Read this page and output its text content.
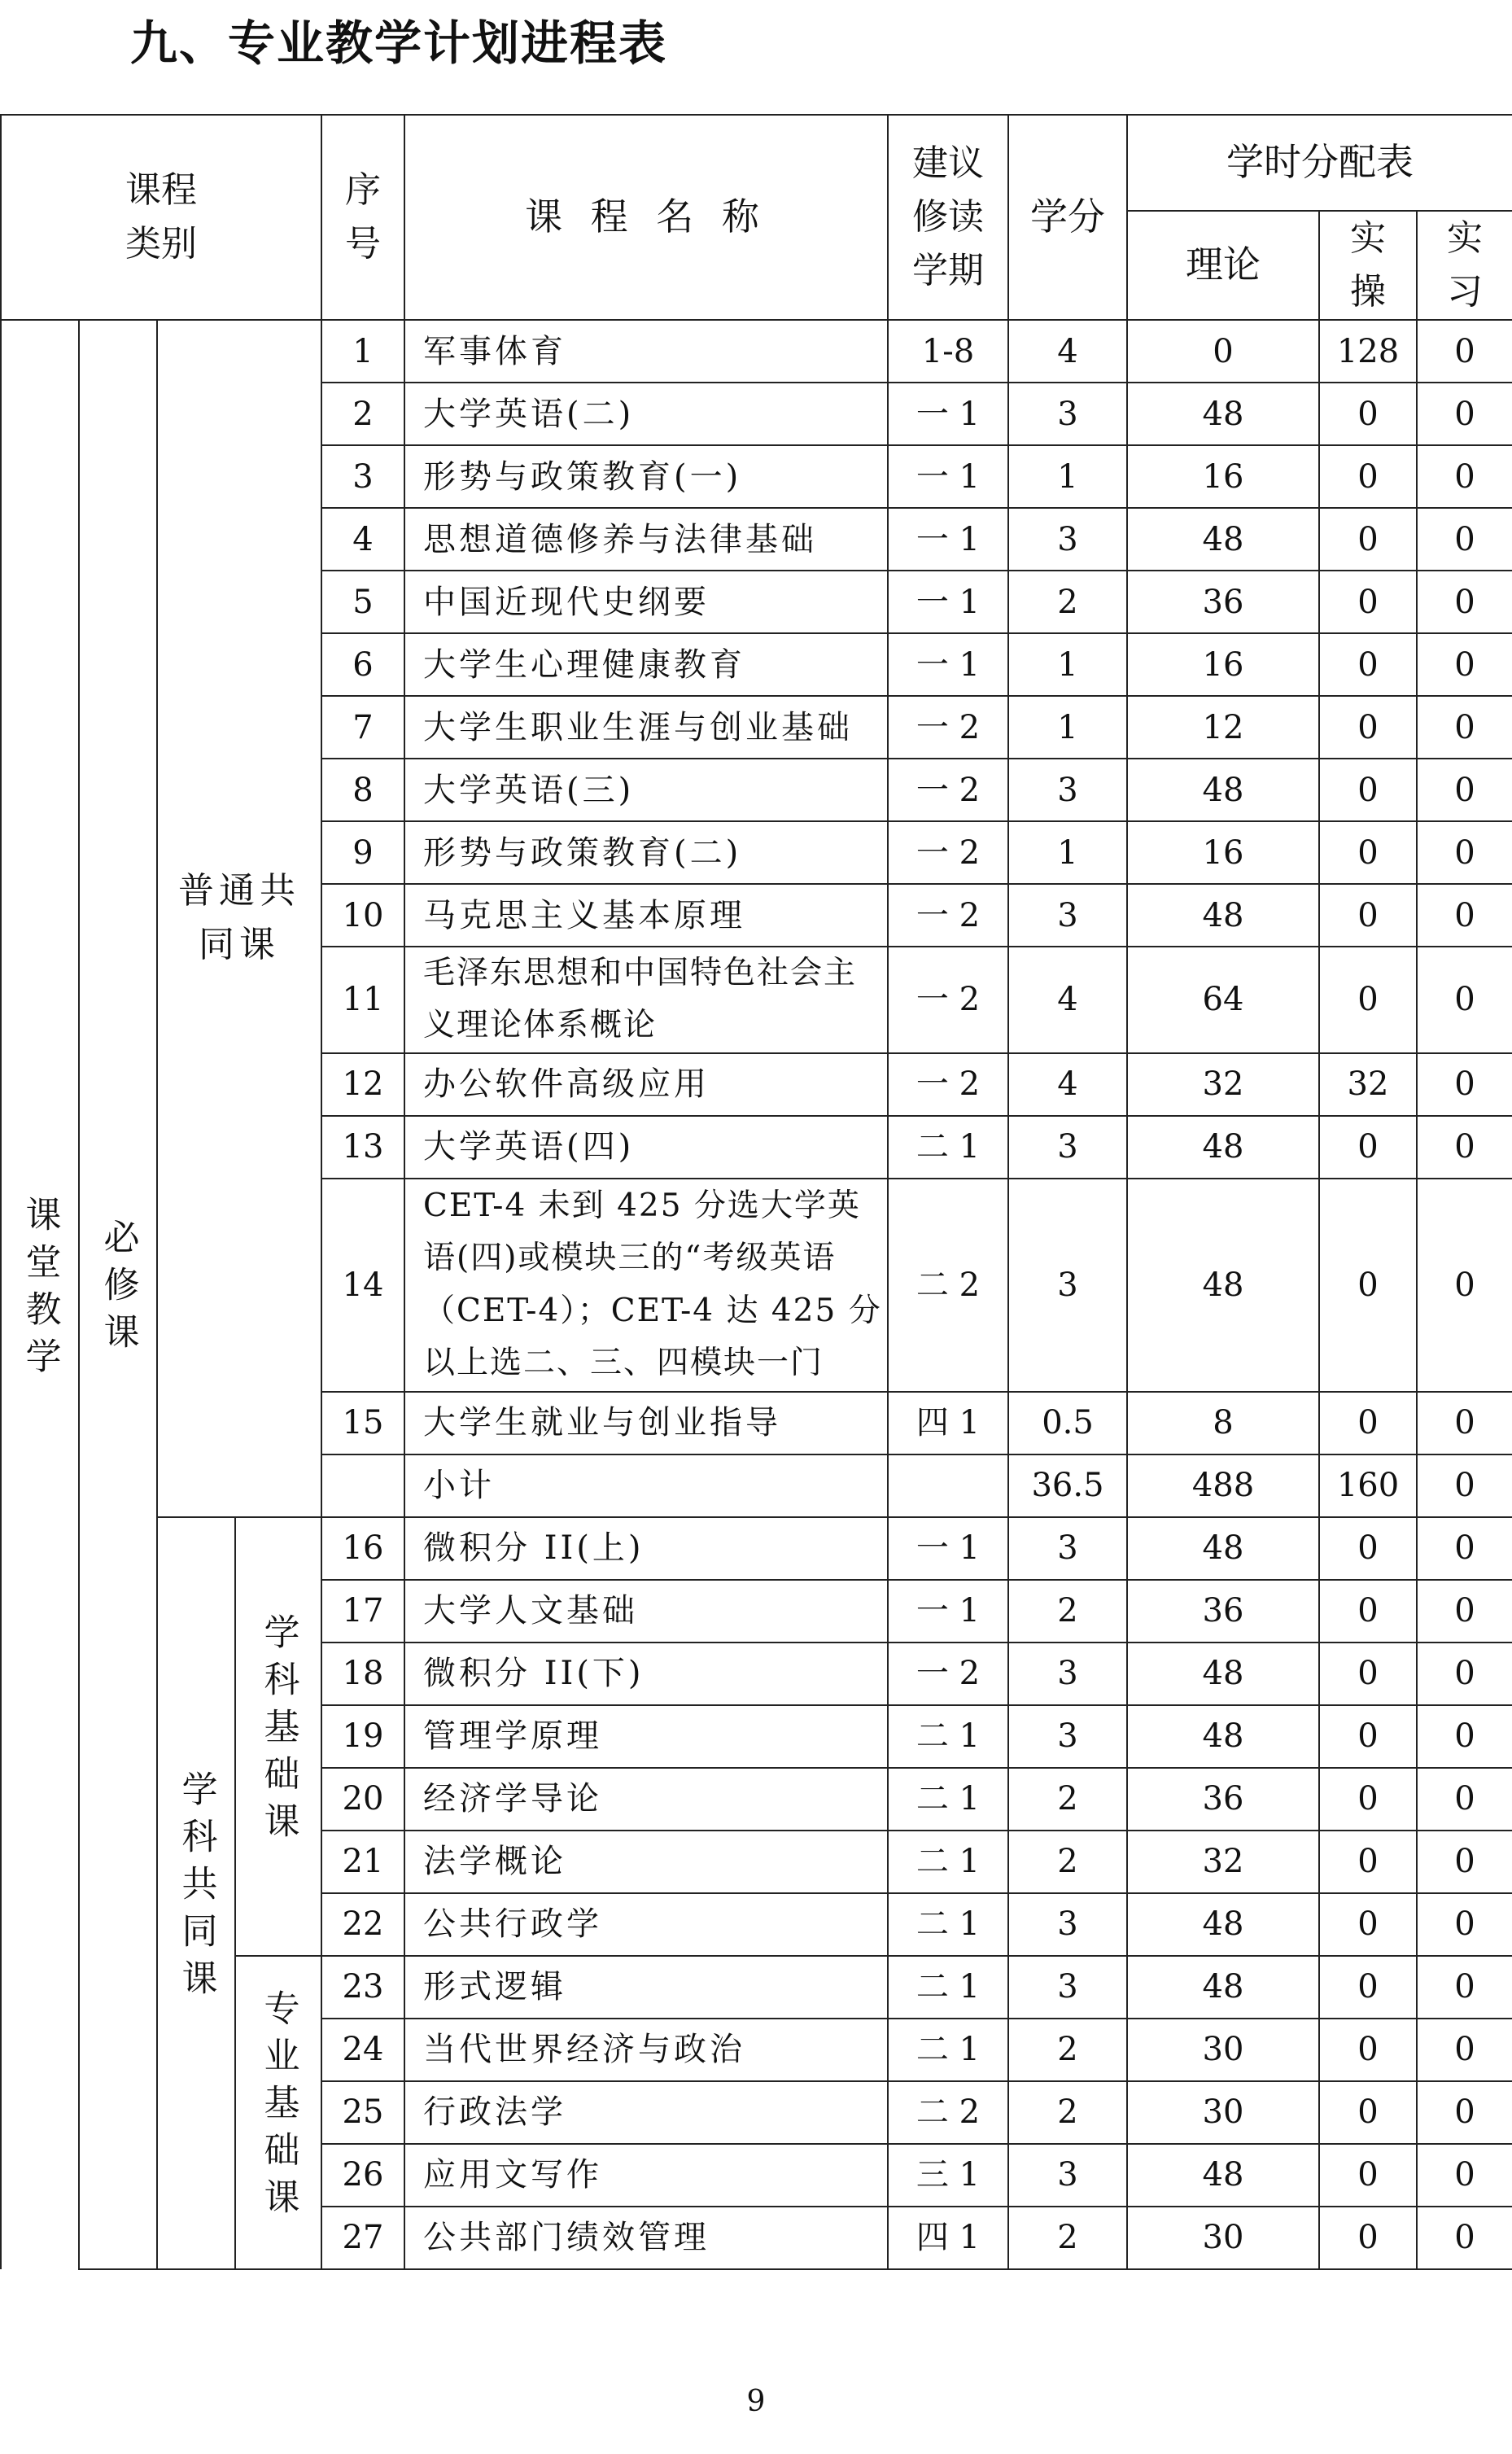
九、专业教学计划进程表
课程
类别				序
号	课 程 名 称	建议
修读
学期	学分	学时分配表		
								理论	实
操	实
习
课堂教学	必修课	普通共同课		1	军事体育	1-8	4	0	128	0
				2	大学英语(二)	一 1	3	48	0	0
				3	形势与政策教育(一)	一 1	1	16	0	0
				4	思想道德修养与法律基础	一 1	3	48	0	0
				5	中国近现代史纲要	一 1	2	36	0	0
				6	大学生心理健康教育	一 1	1	16	0	0
				7	大学生职业生涯与创业基础	一 2	1	12	0	0
				8	大学英语(三)	一 2	3	48	0	0
				9	形势与政策教育(二)	一 2	1	16	0	0
				10	马克思主义基本原理	一 2	3	48	0	0
				11	毛泽东思想和中国特色社会主义理论体系概论	一 2	4	64	0	0
				12	办公软件高级应用	一 2	4	32	32	0
				13	大学英语(四)	二 1	3	48	0	0
				14	CET-4 未到 425 分选大学英语(四)或模块三的“考级英语（CET-4）；CET-4 达 425 分以上选二、三、四模块一门	二 2	3	48	0	0
				15	大学生就业与创业指导	四 1	0.5	8	0	0
					小计		36.5	488	160	0
		学科共同课	学科基础课	16	微积分 II(上)	一 1	3	48	0	0
				17	大学人文基础	一 1	2	36	0	0
				18	微积分 II(下)	一 2	3	48	0	0
				19	管理学原理	二 1	3	48	0	0
				20	经济学导论	二 1	2	36	0	0
				21	法学概论	二 1	2	32	0	0
				22	公共行政学	二 1	3	48	0	0
			专业基础课	23	形式逻辑	二 1	3	48	0	0
				24	当代世界经济与政治	二 1	2	30	0	0
				25	行政法学	二 2	2	30	0	0
				26	应用文写作	三 1	3	48	0	0
				27	公共部门绩效管理	四 1	2	30	0	0
9
